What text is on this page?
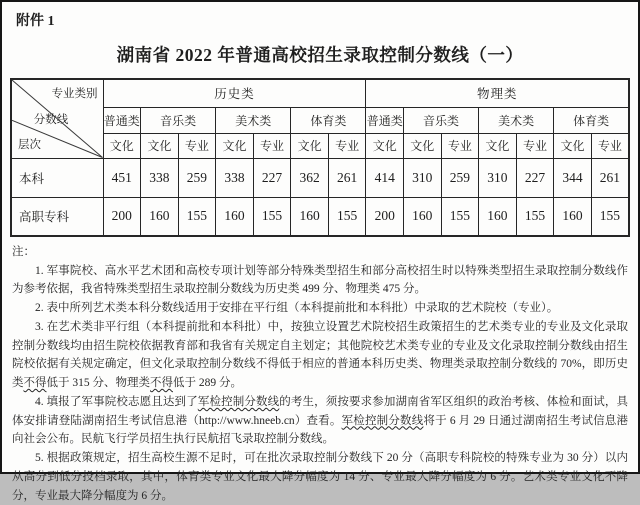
附件 1
湖南省 2022 年普通高校招生录取控制分数线（一）
专业类别
分数线
层次	历史类							物理类						
	普通类	音乐类		美术类		体育类		普通类	音乐类		美术类		体育类	
	文化	文化	专业	文化	专业	文化	专业	文化	文化	专业	文化	专业	文化	专业
本科	451	338	259	338	227	362	261	414	310	259	310	227	344	261
高职专科	200	160	155	160	155	160	155	200	160	155	160	155	160	155

注：

1. 军事院校、高水平艺术团和高校专项计划等部分特殊类型招生和部分高校招生时以特殊类型招生录取控制分数线作为参考依据，我省特殊类型招生录取控制分数线为历史类 499 分、物理类 475 分。

2. 表中所列艺术类本科分数线适用于安排在平行组（本科提前批和本科批）中录取的艺术院校（专业）。

3. 在艺术类非平行组（本科提前批和本科批）中，按独立设置艺术院校招生政策招生的艺术类专业的专业及文化录取控制分数线均由招生院校依据教育部和我省有关规定自主划定；其他院校艺术类专业的专业及文化录取控制分数线由招生院校依据有关规定确定，但文化录取控制分数线不得低于相应的普通本科历史类、物理类录取控制分数线的 70%，即历史类不得低于 315 分、物理类不得低于 289 分。

4. 填报了军事院校志愿且达到了军检控制分数线的考生，须按要求参加湖南省军区组织的政治考核、体检和面试，具体安排请登陆湖南招生考试信息港（http://www.hneeb.cn）查看。军检控制分数线将于 6 月 29 日通过湖南招生考试信息港向社会公布。民航飞行学员招生执行民航招飞录取控制分数线。

5. 根据政策规定，招生高校生源不足时，可在批次录取控制分数线下 20 分（高职专科院校的特殊专业为 30 分）以内从高分到低分投档录取，其中，体育类专业文化最大降分幅度为 14 分、专业最大降分幅度为 6 分。艺术类专业文化不降分，专业最大降分幅度为 6 分。
